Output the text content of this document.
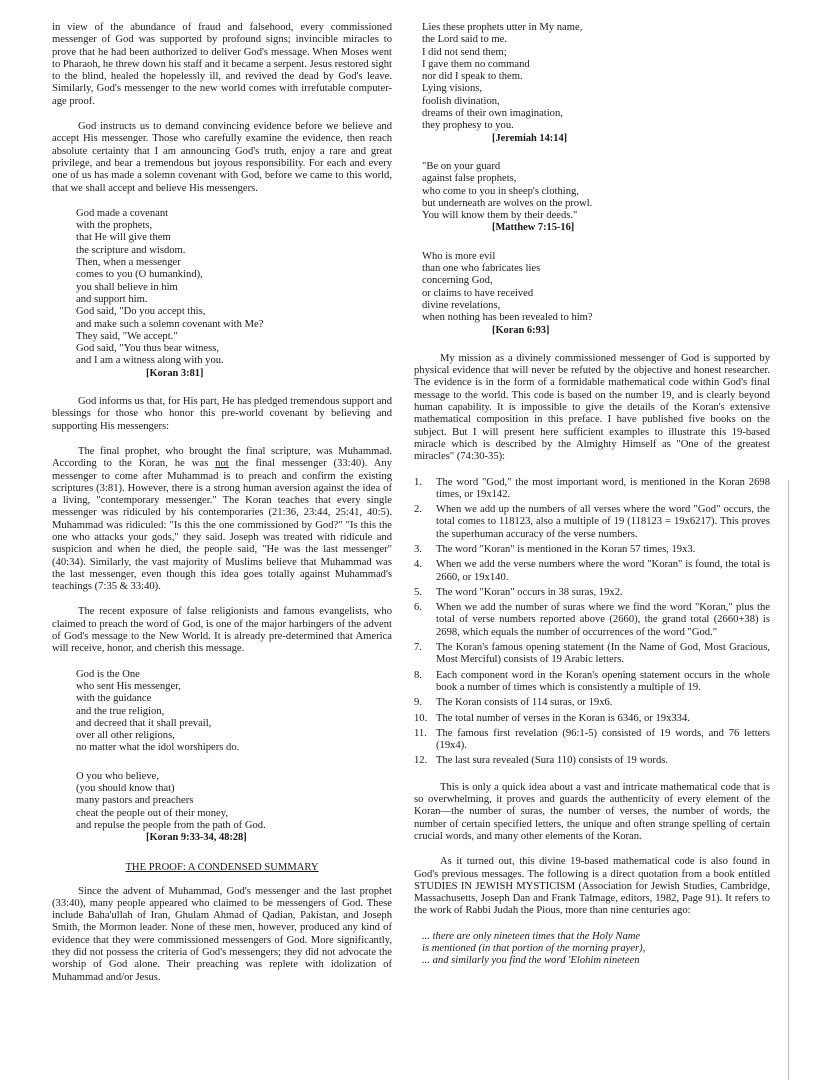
in view of the abundance of fraud and falsehood, every commissioned messenger of God was supported by profound signs; invincible miracles to prove that he had been authorized to deliver God's message. When Moses went to Pharaoh, he threw down his staff and it became a serpent. Jesus restored sight to the blind, healed the hopelessly ill, and revived the dead by God's leave. Similarly, God's messenger to the new world comes with irrefutable computer-age proof.

God instructs us to demand convincing evidence before we believe and accept His messenger. Those who carefully examine the evidence, then reach absolute certainty that I am announcing God's truth, enjoy a rare and great privilege, and bear a tremendous but joyous responsibility. For each and every one of us has made a solemn covenant with God, before we came to this world, that we shall accept and believe His messengers.

God made a covenant
with the prophets,
that He will give them
the scripture and wisdom.
Then, when a messenger
comes to you (O humankind),
you shall believe in him
and support him.
God said, "Do you accept this,
and make such a solemn covenant with Me?
They said, "We accept."
God said, "You thus bear witness,
and I am a witness along with you.
[Koran 3:81]

God informs us that, for His part, He has pledged tremendous support and blessings for those who honor this pre-world covenant by believing and supporting His messengers:

The final prophet, who brought the final scripture, was Muhammad. According to the Koran, he was not the final messenger (33:40). Any messenger to come after Muhammad is to preach and confirm the existing scriptures (3:81). However, there is a strong human aversion against the idea of a living, "contemporary messenger." The Koran teaches that every single messenger was ridiculed by his contemporaries (21:36, 23:44, 25:41, 40:5). Muhammad was ridiculed: "Is this the one commissioned by God?" "Is this the one who attacks your gods," they said. Joseph was treated with ridicule and suspicion and when he died, the people said, "He was the last messenger" (40:34). Similarly, the vast majority of Muslims believe that Muhammad was the last messenger, even though this idea goes totally against Muhammad's teachings (7:35 & 33:40).

The recent exposure of false religionists and famous evangelists, who claimed to preach the word of God, is one of the major harbingers of the advent of God's message to the New World. It is already pre-determined that America will receive, honor, and cherish this message.

God is the One
who sent His messenger,
with the guidance
and the true religion,
and decreed that it shall prevail,
over all other religions,
no matter what the idol worshipers do.
O you who believe,
(you should know that)
many pastors and preachers
cheat the people out of their money,
and repulse the people from the path of God.
[Koran 9:33-34, 48:28]
THE PROOF: A CONDENSED SUMMARY

Since the advent of Muhammad, God's messenger and the last prophet (33:40), many people appeared who claimed to be messengers of God. These include Baha'ullah of Iran, Ghulam Ahmad of Qadian, Pakistan, and Joseph Smith, the Mormon leader. None of these men, however, produced any kind of evidence that they were commissioned messengers of God. More significantly, they did not possess the criteria of God's messengers; they did not advocate the worship of God alone. Their preaching was replete with idolization of Muhammad and/or Jesus.

Lies these prophets utter in My name,
the Lord said to me.
I did not send them;
I gave them no command
nor did I speak to them.
Lying visions,
foolish divination,
dreams of their own imagination,
they prophesy to you.
[Jeremiah 14:14]
"Be on your guard
against false prophets,
who come to you in sheep's clothing,
but underneath are wolves on the prowl.
You will know them by their deeds."
[Matthew 7:15-16]
Who is more evil
than one who fabricates lies
concerning God,
or claims to have received
divine revelations,
when nothing has been revealed to him?
[Koran 6:93]

My mission as a divinely commissioned messenger of God is supported by physical evidence that will never be refuted by the objective and honest researcher. The evidence is in the form of a formidable mathematical code within God's final message to the world. This code is based on the number 19, and is clearly beyond human capability. It is impossible to give the details of the Koran's extensive mathematical composition in this preface. I have published five books on the subject. But I will present here sufficient examples to illustrate this 19-based miracle which is described by the Almighty Himself as "One of the greatest miracles" (74:30-35):

1. The word "God," the most important word, is mentioned in the Koran 2698 times, or 19x142.
2. When we add up the numbers of all verses where the word "God" occurs, the total comes to 118123, also a multiple of 19 (118123 = 19x6217). This proves the superhuman accuracy of the verse numbers.
3. The word "Koran" is mentioned in the Koran 57 times, 19x3.
4. When we add the verse numbers where the word "Koran" is found, the total is 2660, or 19x140.
5. The word "Koran" occurs in 38 suras, 19x2.
6. When we add the number of suras where we find the word "Koran," plus the total of verse numbers reported above (2660), the grand total (2660+38) is 2698, which equals the number of occurrences of the word "God."
7. The Koran's famous opening statement (In the Name of God, Most Gracious, Most Merciful) consists of 19 Arabic letters.
8. Each component word in the Koran's opening statement occurs in the whole book a number of times which is consistently a multiple of 19.
9. The Koran consists of 114 suras, or 19x6.
10. The total number of verses in the Koran is 6346, or 19x334.
11. The famous first revelation (96:1-5) consisted of 19 words, and 76 letters (19x4).
12. The last sura revealed (Sura 110) consists of 19 words.

This is only a quick idea about a vast and intricate mathematical code that is so overwhelming, it proves and guards the authenticity of every element of the Koran—the number of suras, the number of verses, the number of words, the number of certain specified letters, the unique and often strange spelling of certain crucial words, and many other elements of the Koran.

As it turned out, this divine 19-based mathematical code is also found in God's previous messages. The following is a direct quotation from a book entitled STUDIES IN JEWISH MYSTICISM (Association for Jewish Studies, Cambridge, Massachusetts, Joseph Dan and Frank Talmage, editors, 1982, Page 91). It refers to the work of Rabbi Judah the Pious, more than nine centuries ago:

... there are only nineteen times that the Holy Name
is mentioned (in that portion of the morning prayer),
... and similarly you find the word 'Elohim nineteen
